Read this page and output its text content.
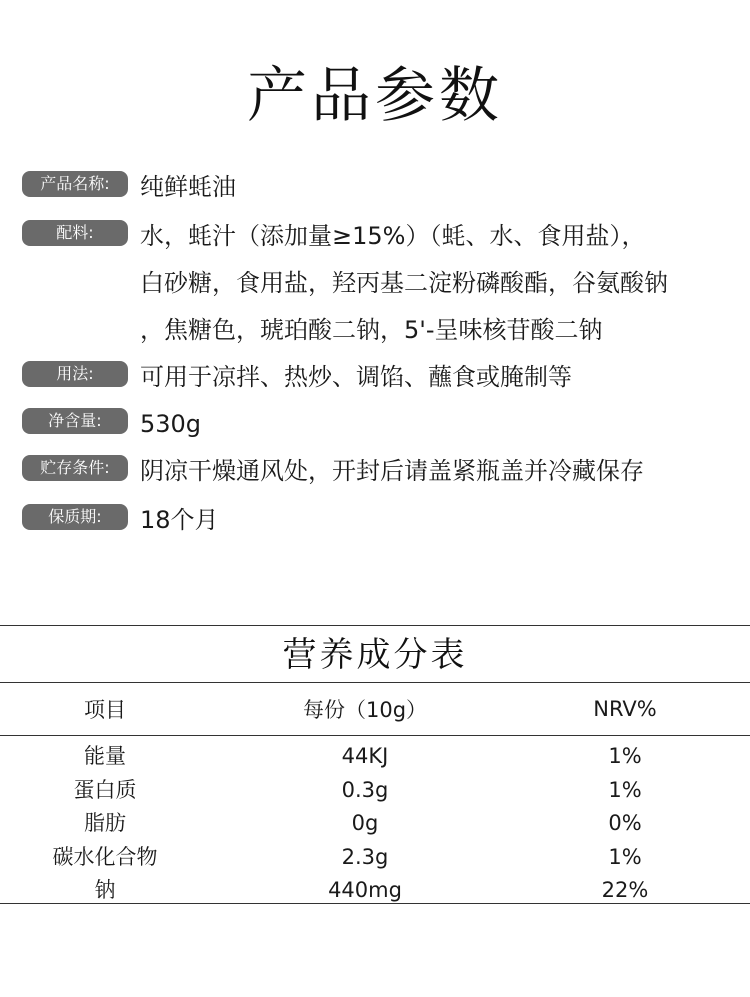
产品参数
产品名称:	纯鲜蚝油
配料:	水，蚝汁（添加量≥15%）（蚝、水、食用盐），
白砂糖，食用盐，羟丙基二淀粉磷酸酯，谷氨酸钠
，焦糖色，琥珀酸二钠，5'-呈味核苷酸二钠
用法:	可用于凉拌、热炒、调馅、蘸食或腌制等
净含量:	530g
贮存条件:	阴凉干燥通风处，开封后请盖紧瓶盖并冷藏保存
保质期:	18个月
营养成分表
项目	每份（10g）	NRV%
能量	44KJ	1%
蛋白质	0.3g	1%
脂肪	0g	0%
碳水化合物	2.3g	1%
钠	440mg	22%
